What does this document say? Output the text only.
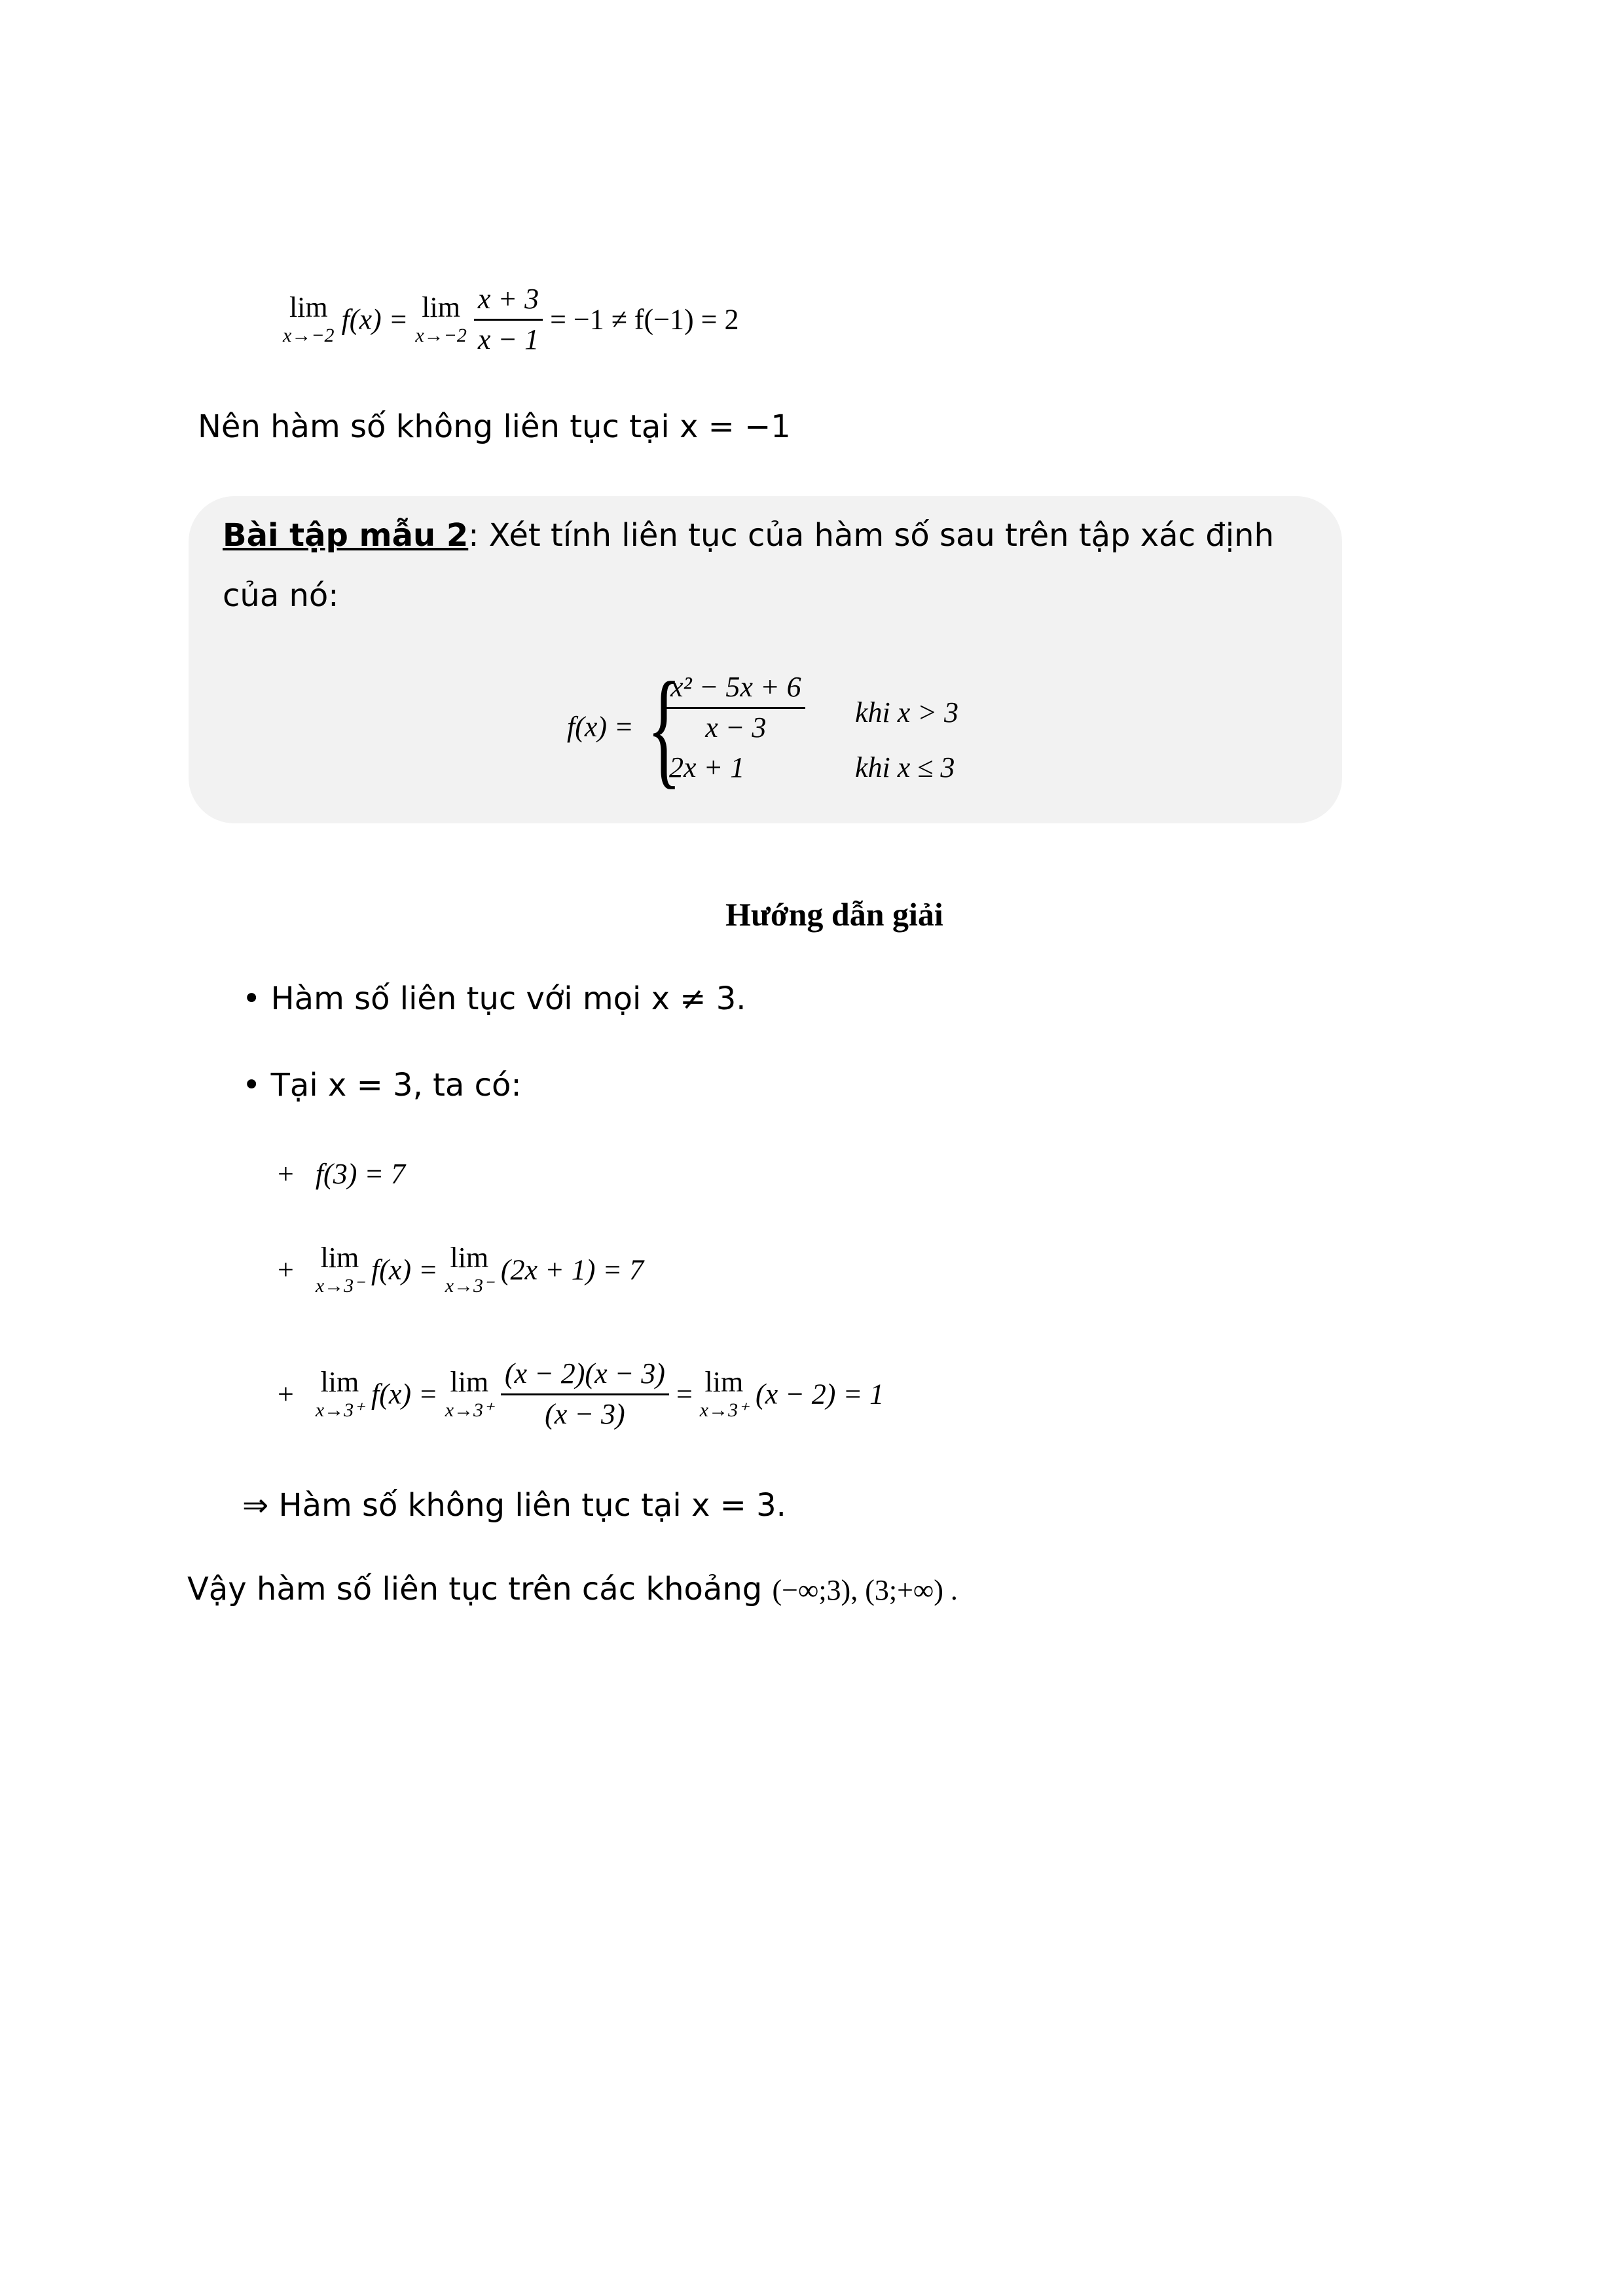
lim
x→−2 f(x) = lim
x→−2
$\frac{x + 3}{x - 1} = -1 \ne f(-1) = 2$
Nên hàm số không liên tục tại x = −1
Bài tập mẫu 2: Xét tính liên tục của hàm số sau trên tập xác định
của nó:
f(x) = {
$\frac{\text{x² − 5x + 6}}{x - 3}$ khi x > 3
2x + 1	khi x ≤ 3
Hướng dẫn giải
• Hàm số liên tục với mọi x ≠ 3.
• Tại x = 3, ta có:
+ f(3) = 7
+ lim
x→3⁻ f(x) = lim
x→3⁻ (2x + 1) = 7
+ lim
x→3⁺ f(x) = lim
x→3⁺
$\frac{(x - 2)(x - 3)}{(x - 3)} = \lim$
x→3⁺ (x − 2) = 1
⇒ Hàm số không liên tục tại x = 3.
Vậy hàm số liên tục trên các khoảng (−∞;3), (3;+∞) .
